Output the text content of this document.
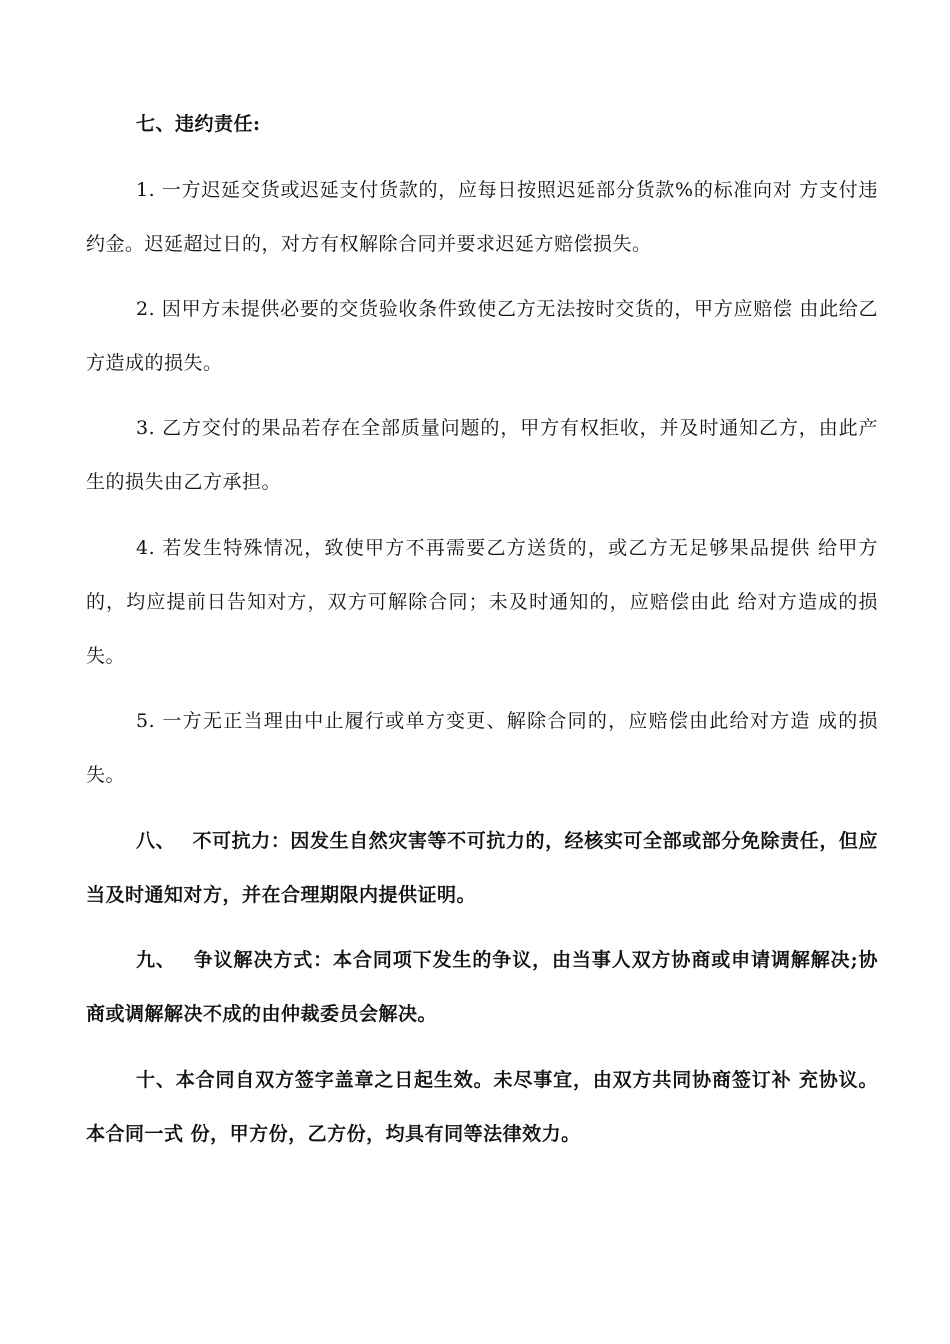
七、违约责任:

1. 一方迟延交货或迟延支付货款的，应每日按照迟延部分货款%的标准向对 方支付违约金。迟延超过日的，对方有权解除合同并要求迟延方赔偿损失。

2. 因甲方未提供必要的交货验收条件致使乙方无法按时交货的，甲方应赔偿 由此给乙方造成的损失。

3. 乙方交付的果品若存在全部质量问题的，甲方有权拒收，并及时通知乙方，由此产生的损失由乙方承担。

4. 若发生特殊情况，致使甲方不再需要乙方送货的，或乙方无足够果品提供 给甲方的，均应提前日告知对方，双方可解除合同；未及时通知的，应赔偿由此 给对方造成的损失。

5. 一方无正当理由中止履行或单方变更、解除合同的，应赔偿由此给对方造 成的损失。

八、　 不可抗力：因发生自然灾害等不可抗力的，经核实可全部或部分免除责任，但应当及时通知对方，并在合理期限内提供证明。

九、　 争议解决方式：本合同项下发生的争议，由当事人双方协商或申请调解解决;协商或调解解决不成的由仲裁委员会解决。

十、本合同自双方签字盖章之日起生效。未尽事宜，由双方共同协商签订补 充协议。本合同一式 份，甲方份，乙方份，均具有同等法律效力。
